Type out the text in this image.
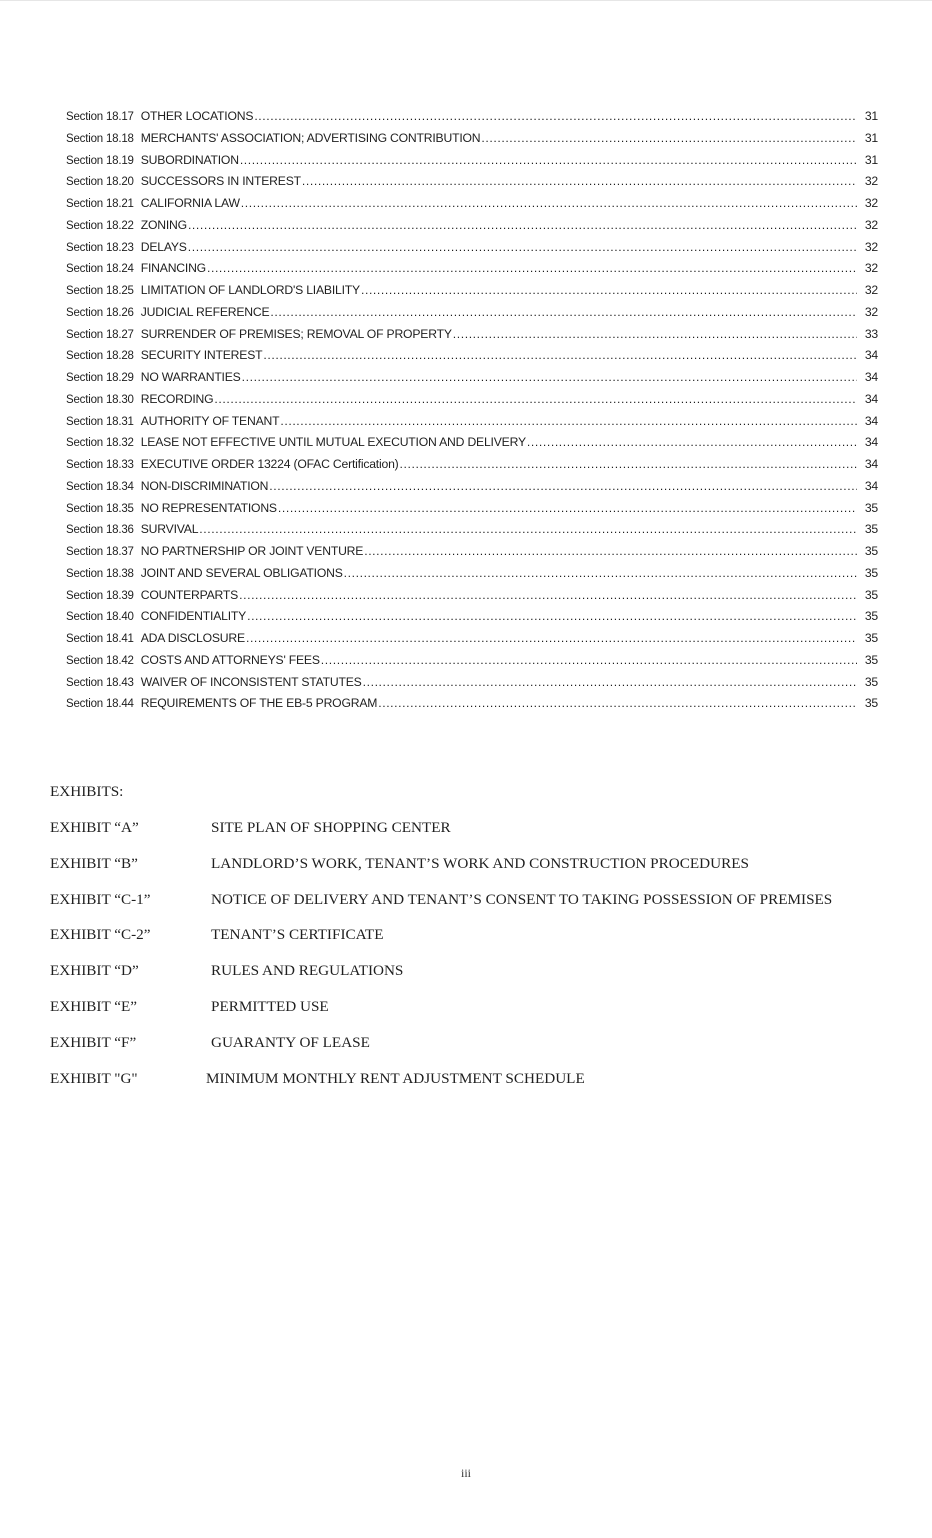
Section 18.17 OTHER LOCATIONS .....	31
Section 18.18 MERCHANTS' ASSOCIATION; ADVERTISING CONTRIBUTION .....	31
Section 18.19 SUBORDINATION .....	31
Section 18.20 SUCCESSORS IN INTEREST .....	32
Section 18.21 CALIFORNIA LAW .....	32
Section 18.22 ZONING .....	32
Section 18.23 DELAYS .....	32
Section 18.24 FINANCING .....	32
Section 18.25 LIMITATION OF LANDLORD'S LIABILITY .....	32
Section 18.26 JUDICIAL REFERENCE .....	32
Section 18.27 SURRENDER OF PREMISES; REMOVAL OF PROPERTY .....	33
Section 18.28 SECURITY INTEREST .....	34
Section 18.29 NO WARRANTIES .....	34
Section 18.30 RECORDING .....	34
Section 18.31 AUTHORITY OF TENANT .....	34
Section 18.32 LEASE NOT EFFECTIVE UNTIL MUTUAL EXECUTION AND DELIVERY .....	34
Section 18.33 EXECUTIVE ORDER 13224 (OFAC Certification) .....	34
Section 18.34 NON-DISCRIMINATION .....	34
Section 18.35 NO REPRESENTATIONS .....	35
Section 18.36 SURVIVAL .....	35
Section 18.37 NO PARTNERSHIP OR JOINT VENTURE .....	35
Section 18.38 JOINT AND SEVERAL OBLIGATIONS .....	35
Section 18.39 COUNTERPARTS .....	35
Section 18.40 CONFIDENTIALITY .....	35
Section 18.41 ADA DISCLOSURE .....	35
Section 18.42 COSTS AND ATTORNEYS' FEES .....	35
Section 18.43 WAIVER OF INCONSISTENT STATUTES .....	35
Section 18.44 REQUIREMENTS OF THE EB-5 PROGRAM .....	35
EXHIBITS:
EXHIBIT “A”	SITE PLAN OF SHOPPING CENTER
EXHIBIT “B”	LANDLORD’S WORK, TENANT’S WORK AND CONSTRUCTION PROCEDURES
EXHIBIT “C-1”	NOTICE OF DELIVERY AND TENANT’S CONSENT TO TAKING POSSESSION OF PREMISES
EXHIBIT “C-2”	TENANT’S CERTIFICATE
EXHIBIT “D”	RULES AND REGULATIONS
EXHIBIT “E”	PERMITTED USE
EXHIBIT “F”	GUARANTY OF LEASE
EXHIBIT "G"	MINIMUM MONTHLY RENT ADJUSTMENT SCHEDULE
iii
